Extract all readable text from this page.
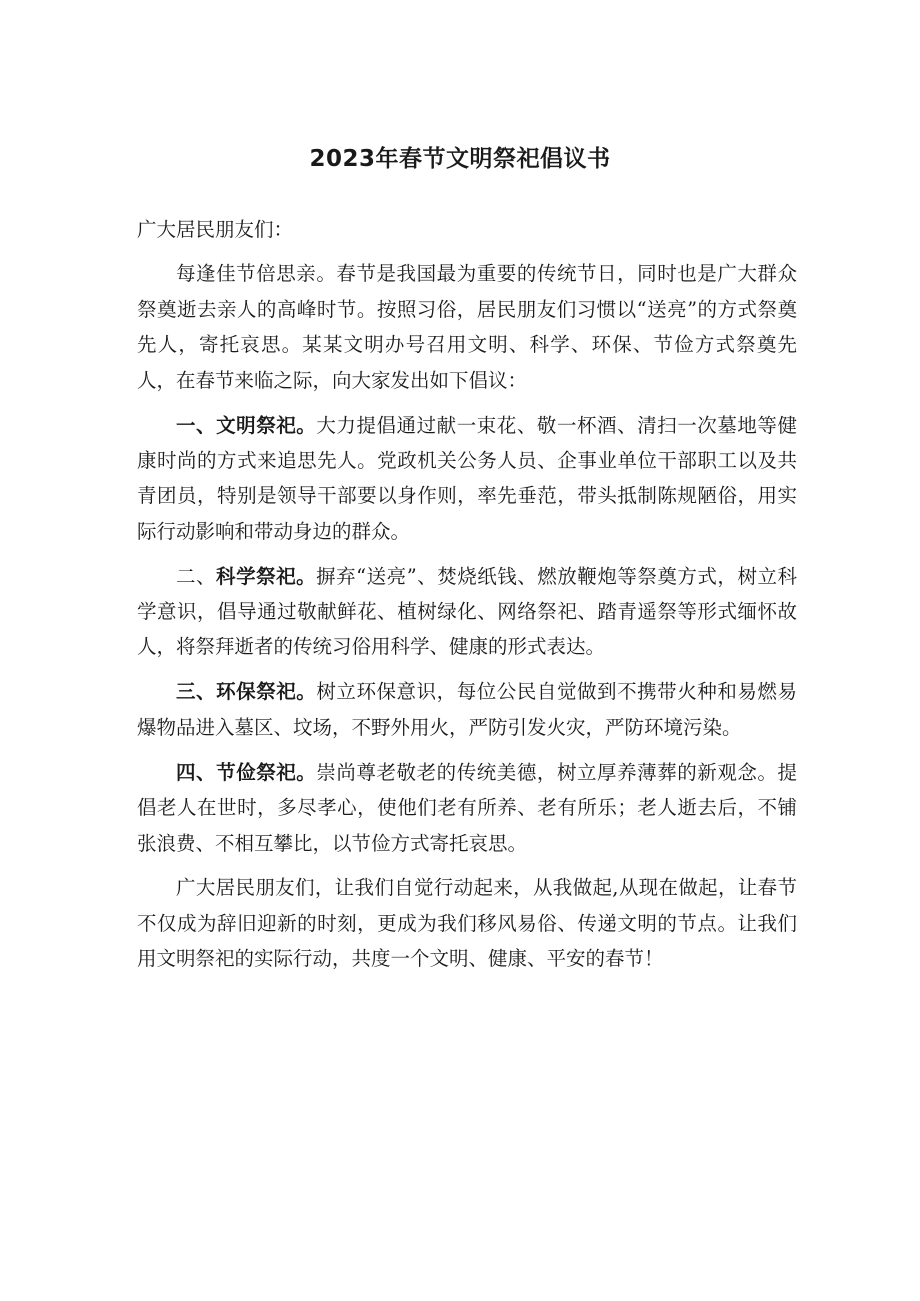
2023年春节文明祭祀倡议书

广大居民朋友们：

每逢佳节倍思亲。春节是我国最为重要的传统节日，同时也是广大群众祭奠逝去亲人的高峰时节。按照习俗，居民朋友们习惯以“送亮”的方式祭奠先人，寄托哀思。某某文明办号召用文明、科学、环保、节俭方式祭奠先人，在春节来临之际，向大家发出如下倡议：

一、文明祭祀。大力提倡通过献一束花、敬一杯酒、清扫一次墓地等健康时尚的方式来追思先人。党政机关公务人员、企事业单位干部职工以及共青团员，特别是领导干部要以身作则，率先垂范，带头抵制陈规陋俗，用实际行动影响和带动身边的群众。

二、科学祭祀。摒弃“送亮”、焚烧纸钱、燃放鞭炮等祭奠方式，树立科学意识，倡导通过敬献鲜花、植树绿化、网络祭祀、踏青遥祭等形式缅怀故人，将祭拜逝者的传统习俗用科学、健康的形式表达。

三、环保祭祀。树立环保意识，每位公民自觉做到不携带火种和易燃易爆物品进入墓区、坟场，不野外用火，严防引发火灾，严防环境污染。

四、节俭祭祀。崇尚尊老敬老的传统美德，树立厚养薄葬的新观念。提倡老人在世时，多尽孝心，使他们老有所养、老有所乐；老人逝去后，不铺张浪费、不相互攀比，以节俭方式寄托哀思。

广大居民朋友们，让我们自觉行动起来，从我做起,从现在做起，让春节不仅成为辞旧迎新的时刻，更成为我们移风易俗、传递文明的节点。让我们用文明祭祀的实际行动，共度一个文明、健康、平安的春节！
